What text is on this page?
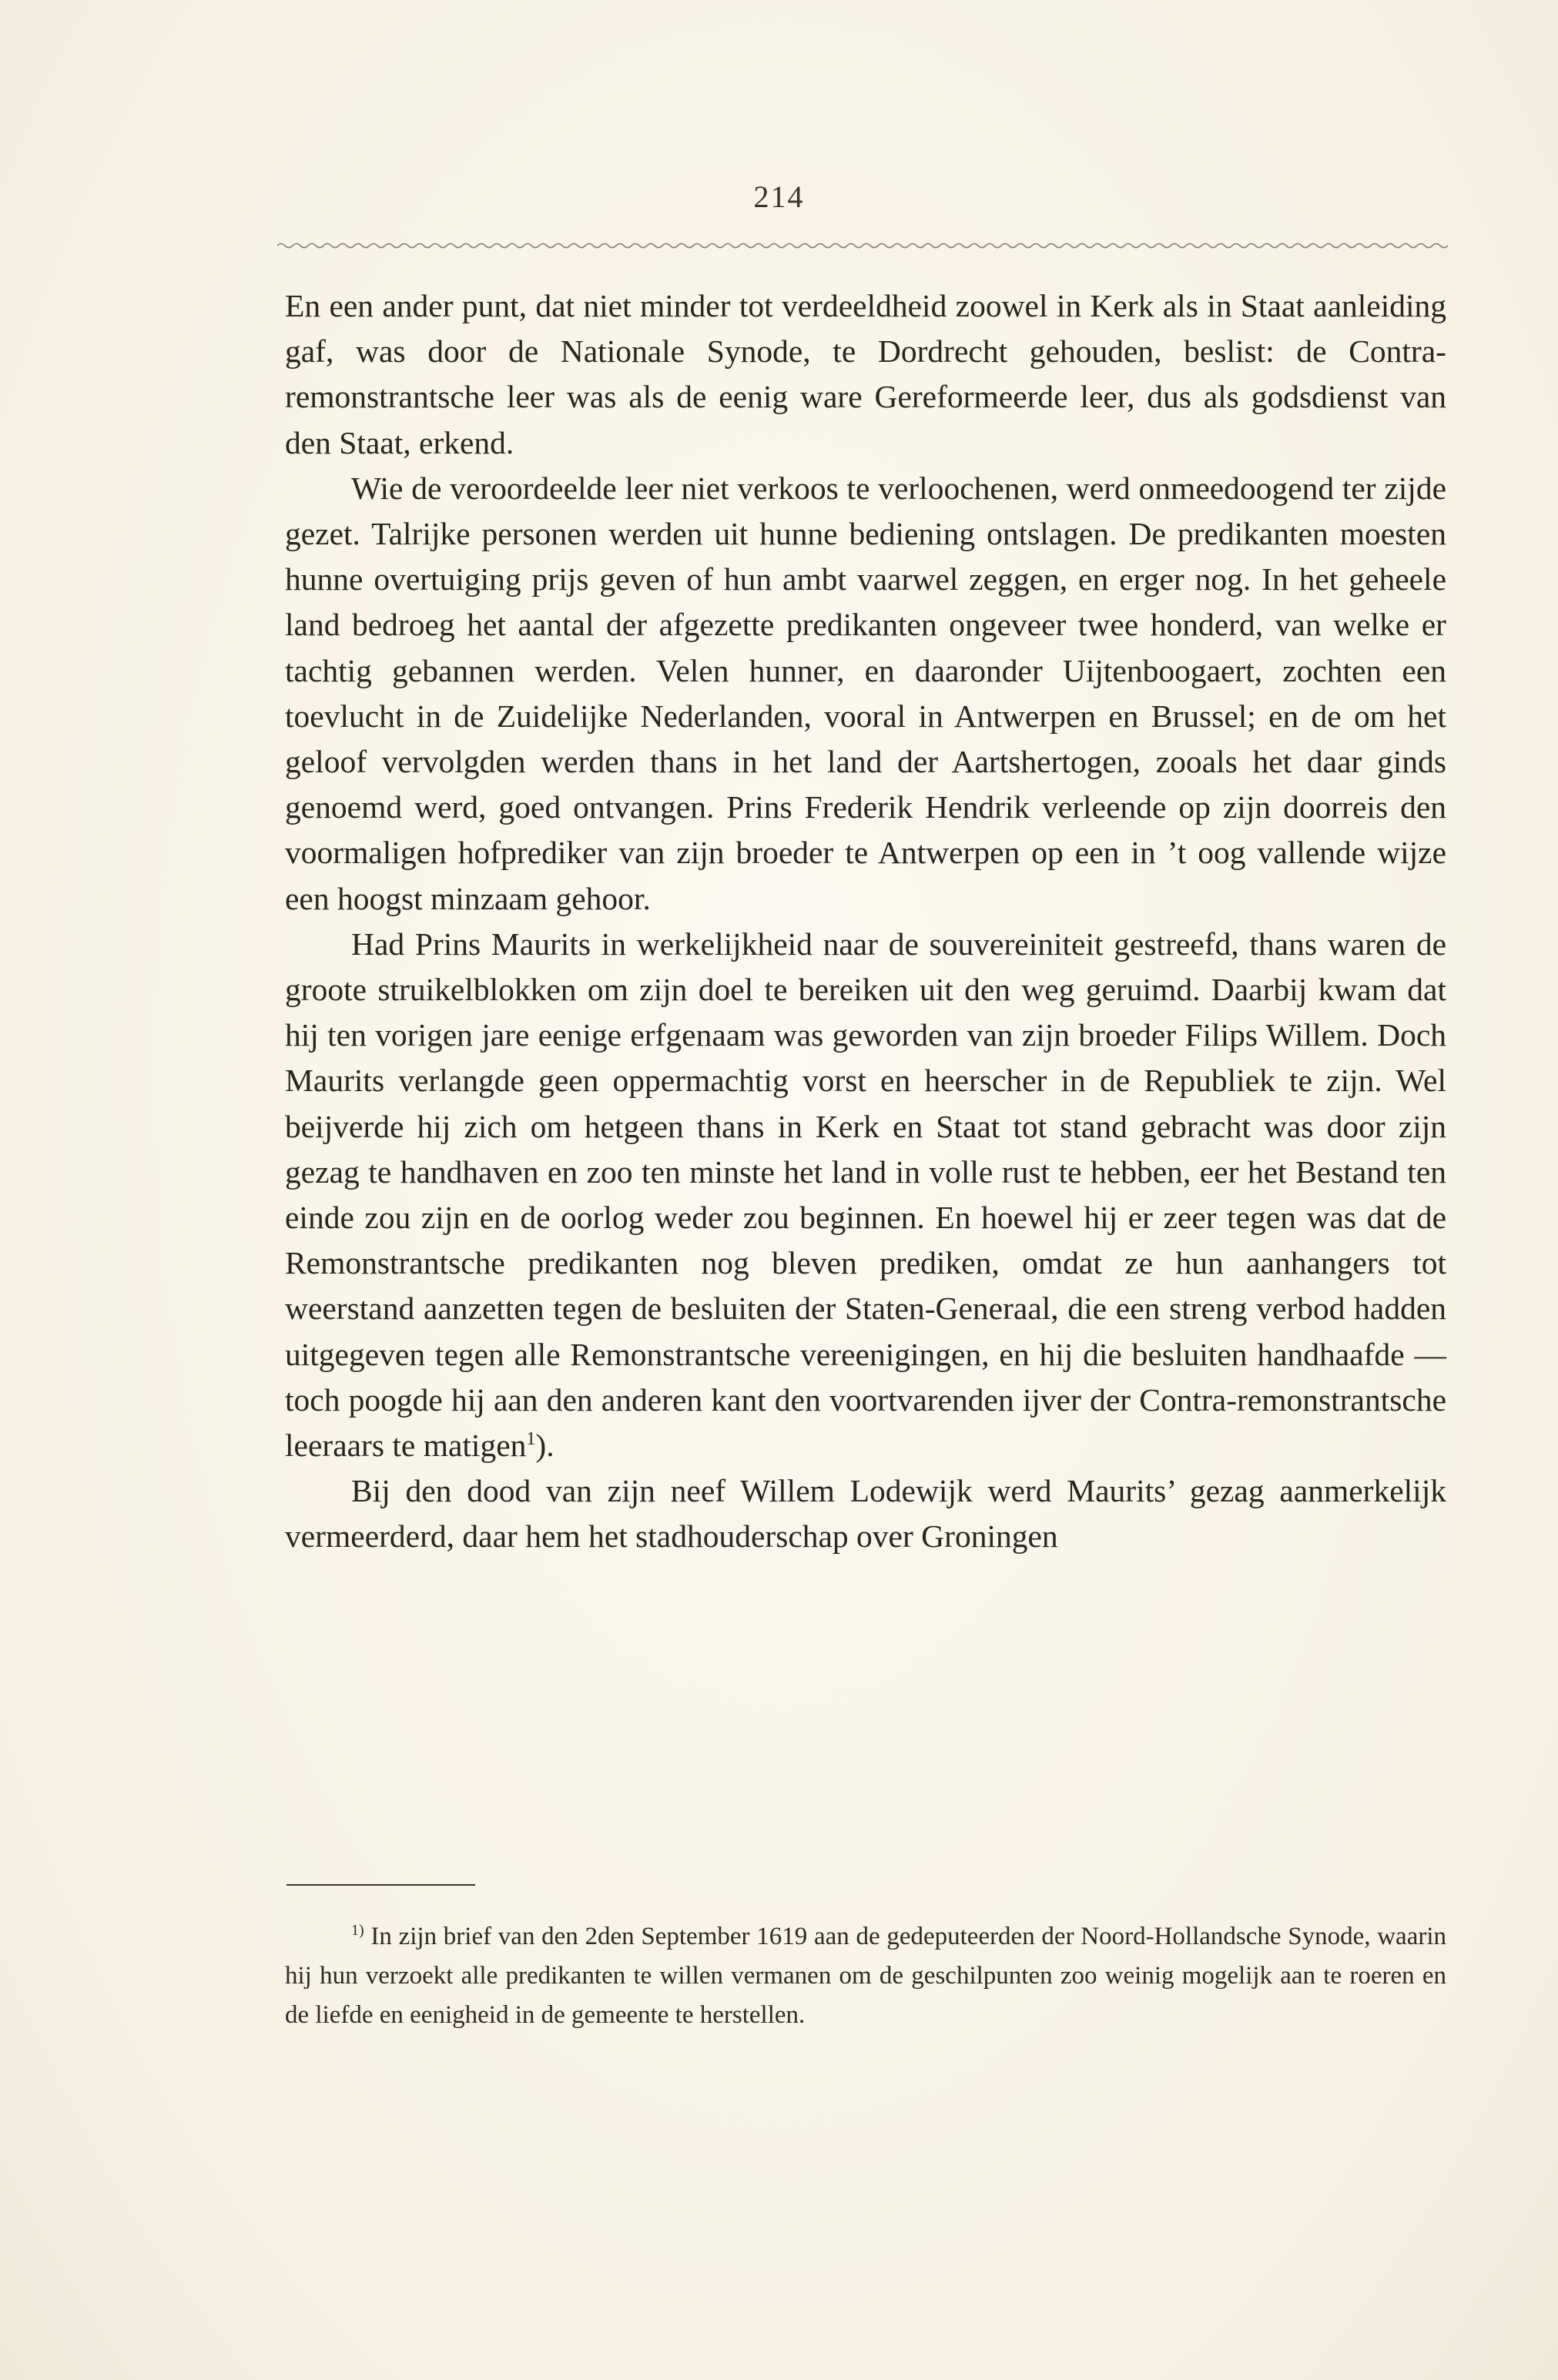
214

En een ander punt, dat niet minder tot verdeeldheid zoowel in Kerk als in Staat aanleiding gaf, was door de Nationale Synode, te Dordrecht gehouden, beslist: de Contra-remonstrantsche leer was als de eenig ware Gereformeerde leer, dus als godsdienst van den Staat, erkend.

Wie de veroordeelde leer niet verkoos te verloochenen, werd onmeedoogend ter zijde gezet. Talrijke personen werden uit hunne bediening ontslagen. De predikanten moesten hunne overtuiging prijs geven of hun ambt vaarwel zeggen, en erger nog. In het geheele land bedroeg het aantal der afgezette predikanten ongeveer twee honderd, van welke er tachtig gebannen werden. Velen hunner, en daaronder Uijtenboogaert, zochten een toevlucht in de Zuidelijke Nederlanden, vooral in Antwerpen en Brussel; en de om het geloof vervolgden werden thans in het land der Aartshertogen, zooals het daar ginds genoemd werd, goed ontvangen. Prins Frederik Hendrik verleende op zijn doorreis den voormaligen hofprediker van zijn broeder te Antwerpen op een in ’t oog vallende wijze een hoogst minzaam gehoor.

Had Prins Maurits in werkelijkheid naar de souvereiniteit gestreefd, thans waren de groote struikelblokken om zijn doel te bereiken uit den weg geruimd. Daarbij kwam dat hij ten vorigen jare eenige erfgenaam was geworden van zijn broeder Filips Willem. Doch Maurits verlangde geen oppermachtig vorst en heerscher in de Republiek te zijn. Wel beijverde hij zich om hetgeen thans in Kerk en Staat tot stand gebracht was door zijn gezag te handhaven en zoo ten minste het land in volle rust te hebben, eer het Bestand ten einde zou zijn en de oorlog weder zou beginnen. En hoewel hij er zeer tegen was dat de Remonstrantsche predikanten nog bleven prediken, omdat ze hun aanhangers tot weerstand aanzetten tegen de besluiten der Staten-Generaal, die een streng verbod hadden uitgegeven tegen alle Remonstrantsche vereenigingen, en hij die besluiten handhaafde — toch poogde hij aan den anderen kant den voortvarenden ijver der Contra-remonstrantsche leeraars te matigen$^1$).

Bij den dood van zijn neef Willem Lodewijk werd Maurits’ gezag aanmerkelijk vermeerderd, daar hem het stadhouderschap over Groningen

$^{1)}$ In zijn brief van den 2den September 1619 aan de gedeputeerden der Noord-Hollandsche Synode, waarin hij hun verzoekt alle predikanten te willen vermanen om de geschilpunten zoo weinig mogelijk aan te roeren en de liefde en eenigheid in de gemeente te herstellen.
